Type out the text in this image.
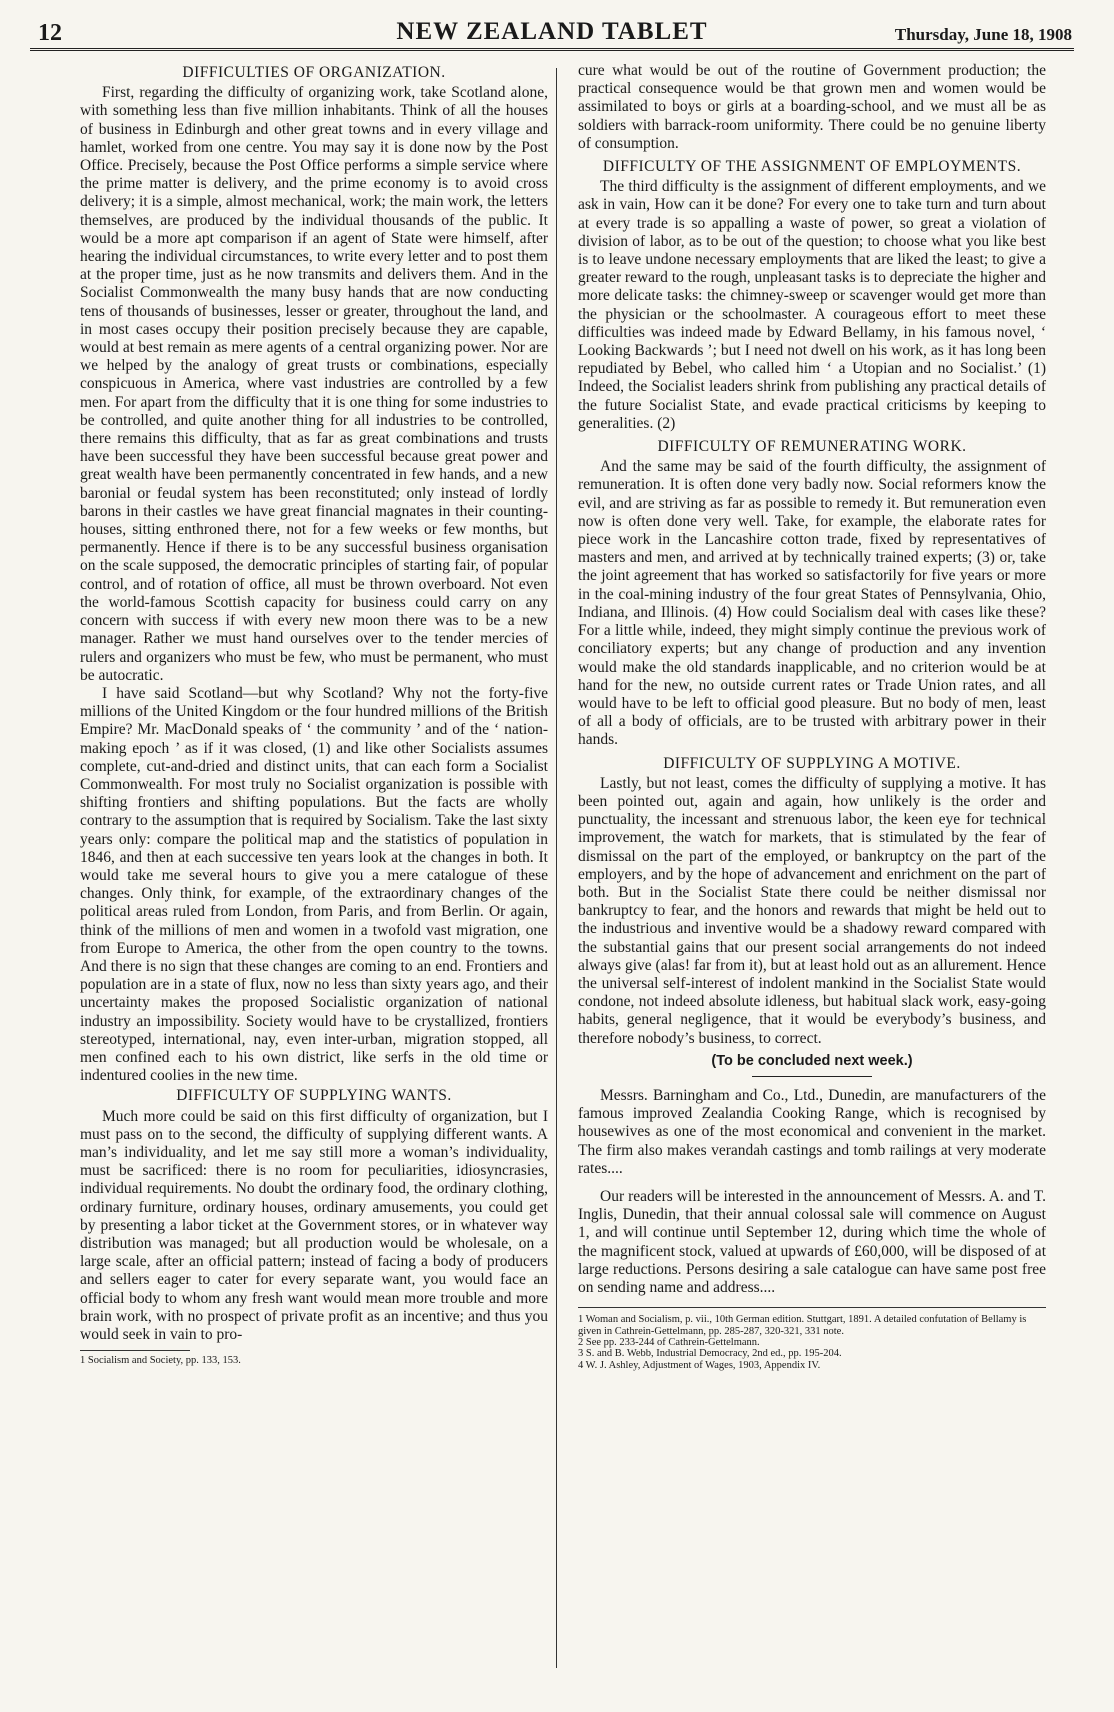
12	NEW ZEALAND TABLET	Thursday, June 18, 1908
DIFFICULTIES OF ORGANIZATION.

First, regarding the difficulty of organizing work, take Scotland alone, with something less than five million inhabitants. Think of all the houses of business in Edinburgh and other great towns and in every village and hamlet, worked from one centre. You may say it is done now by the Post Office. Precisely, because the Post Office performs a simple service where the prime matter is delivery, and the prime economy is to avoid cross delivery; it is a simple, almost mechanical, work; the main work, the letters themselves, are produced by the individual thousands of the public. It would be a more apt comparison if an agent of State were himself, after hearing the individual circumstances, to write every letter and to post them at the proper time, just as he now transmits and delivers them. And in the Socialist Commonwealth the many busy hands that are now conducting tens of thousands of businesses, lesser or greater, throughout the land, and in most cases occupy their position precisely because they are capable, would at best remain as mere agents of a central organizing power. Nor are we helped by the analogy of great trusts or combinations, especially conspicuous in America, where vast industries are controlled by a few men. For apart from the difficulty that it is one thing for some industries to be controlled, and quite another thing for all industries to be controlled, there remains this difficulty, that as far as great combinations and trusts have been successful they have been successful because great power and great wealth have been permanently concentrated in few hands, and a new baronial or feudal system has been reconstituted; only instead of lordly barons in their castles we have great financial magnates in their counting-houses, sitting enthroned there, not for a few weeks or few months, but permanently. Hence if there is to be any successful business organisation on the scale supposed, the democratic principles of starting fair, of popular control, and of rotation of office, all must be thrown overboard. Not even the world-famous Scottish capacity for business could carry on any concern with success if with every new moon there was to be a new manager. Rather we must hand ourselves over to the tender mercies of rulers and organizers who must be few, who must be permanent, who must be autocratic.

I have said Scotland—but why Scotland? Why not the forty-five millions of the United Kingdom or the four hundred millions of the British Empire? Mr. MacDonald speaks of ‘ the community ’ and of the ‘ nation-making epoch ’ as if it was closed, (1) and like other Socialists assumes complete, cut-and-dried and distinct units, that can each form a Socialist Commonwealth. For most truly no Socialist organization is possible with shifting frontiers and shifting populations. But the facts are wholly contrary to the assumption that is required by Socialism. Take the last sixty years only: compare the political map and the statistics of population in 1846, and then at each successive ten years look at the changes in both. It would take me several hours to give you a mere catalogue of these changes. Only think, for example, of the extraordinary changes of the political areas ruled from London, from Paris, and from Berlin. Or again, think of the millions of men and women in a twofold vast migration, one from Europe to America, the other from the open country to the towns. And there is no sign that these changes are coming to an end. Frontiers and population are in a state of flux, now no less than sixty years ago, and their uncertainty makes the proposed Socialistic organization of national industry an impossibility. Society would have to be crystallized, frontiers stereotyped, international, nay, even inter-urban, migration stopped, all men confined each to his own district, like serfs in the old time or indentured coolies in the new time.

DIFFICULTY OF SUPPLYING WANTS.

Much more could be said on this first difficulty of organization, but I must pass on to the second, the difficulty of supplying different wants. A man’s individuality, and let me say still more a woman’s individuality, must be sacrificed: there is no room for peculiarities, idiosyncrasies, individual requirements. No doubt the ordinary food, the ordinary clothing, ordinary furniture, ordinary houses, ordinary amusements, you could get by presenting a labor ticket at the Government stores, or in whatever way distribution was managed; but all production would be wholesale, on a large scale, after an official pattern; instead of facing a body of producers and sellers eager to cater for every separate want, you would face an official body to whom any fresh want would mean more trouble and more brain work, with no prospect of private profit as an incentive; and thus you would seek in vain to pro-

1 Socialism and Society, pp. 133, 153.

cure what would be out of the routine of Government production; the practical consequence would be that grown men and women would be assimilated to boys or girls at a boarding-school, and we must all be as soldiers with barrack-room uniformity. There could be no genuine liberty of consumption.

DIFFICULTY OF THE ASSIGNMENT OF EMPLOYMENTS.

The third difficulty is the assignment of different employments, and we ask in vain, How can it be done? For every one to take turn and turn about at every trade is so appalling a waste of power, so great a violation of division of labor, as to be out of the question; to choose what you like best is to leave undone necessary employments that are liked the least; to give a greater reward to the rough, unpleasant tasks is to depreciate the higher and more delicate tasks: the chimney-sweep or scavenger would get more than the physician or the schoolmaster. A courageous effort to meet these difficulties was indeed made by Edward Bellamy, in his famous novel, ‘ Looking Backwards ’; but I need not dwell on his work, as it has long been repudiated by Bebel, who called him ‘ a Utopian and no Socialist.’ (1) Indeed, the Socialist leaders shrink from publishing any practical details of the future Socialist State, and evade practical criticisms by keeping to generalities. (2)

DIFFICULTY OF REMUNERATING WORK.

And the same may be said of the fourth difficulty, the assignment of remuneration. It is often done very badly now. Social reformers know the evil, and are striving as far as possible to remedy it. But remuneration even now is often done very well. Take, for example, the elaborate rates for piece work in the Lancashire cotton trade, fixed by representatives of masters and men, and arrived at by technically trained experts; (3) or, take the joint agreement that has worked so satisfactorily for five years or more in the coal-mining industry of the four great States of Pennsylvania, Ohio, Indiana, and Illinois. (4) How could Socialism deal with cases like these? For a little while, indeed, they might simply continue the previous work of conciliatory experts; but any change of production and any invention would make the old standards inapplicable, and no criterion would be at hand for the new, no outside current rates or Trade Union rates, and all would have to be left to official good pleasure. But no body of men, least of all a body of officials, are to be trusted with arbitrary power in their hands.

DIFFICULTY OF SUPPLYING A MOTIVE.

Lastly, but not least, comes the difficulty of supplying a motive. It has been pointed out, again and again, how unlikely is the order and punctuality, the incessant and strenuous labor, the keen eye for technical improvement, the watch for markets, that is stimulated by the fear of dismissal on the part of the employed, or bankruptcy on the part of the employers, and by the hope of advancement and enrichment on the part of both. But in the Socialist State there could be neither dismissal nor bankruptcy to fear, and the honors and rewards that might be held out to the industrious and inventive would be a shadowy reward compared with the substantial gains that our present social arrangements do not indeed always give (alas! far from it), but at least hold out as an allurement. Hence the universal self-interest of indolent mankind in the Socialist State would condone, not indeed absolute idleness, but habitual slack work, easy-going habits, general negligence, that it would be everybody’s business, and therefore nobody’s business, to correct.

(To be concluded next week.)

Messrs. Barningham and Co., Ltd., Dunedin, are manufacturers of the famous improved Zealandia Cooking Range, which is recognised by housewives as one of the most economical and convenient in the market. The firm also makes verandah castings and tomb railings at very moderate rates....

Our readers will be interested in the announcement of Messrs. A. and T. Inglis, Dunedin, that their annual colossal sale will commence on August 1, and will continue until September 12, during which time the whole of the magnificent stock, valued at upwards of £60,000, will be disposed of at large reductions. Persons desiring a sale catalogue can have same post free on sending name and address....

1 Woman and Socialism, p. vii., 10th German edition. Stuttgart, 1891. A detailed confutation of Bellamy is given in Cathrein-Gettelmann, pp. 285-287, 320-321, 331 note.

2 See pp. 233-244 of Cathrein-Gettelmann.

3 S. and B. Webb, Industrial Democracy, 2nd ed., pp. 195-204.

4 W. J. Ashley, Adjustment of Wages, 1903, Appendix IV.
